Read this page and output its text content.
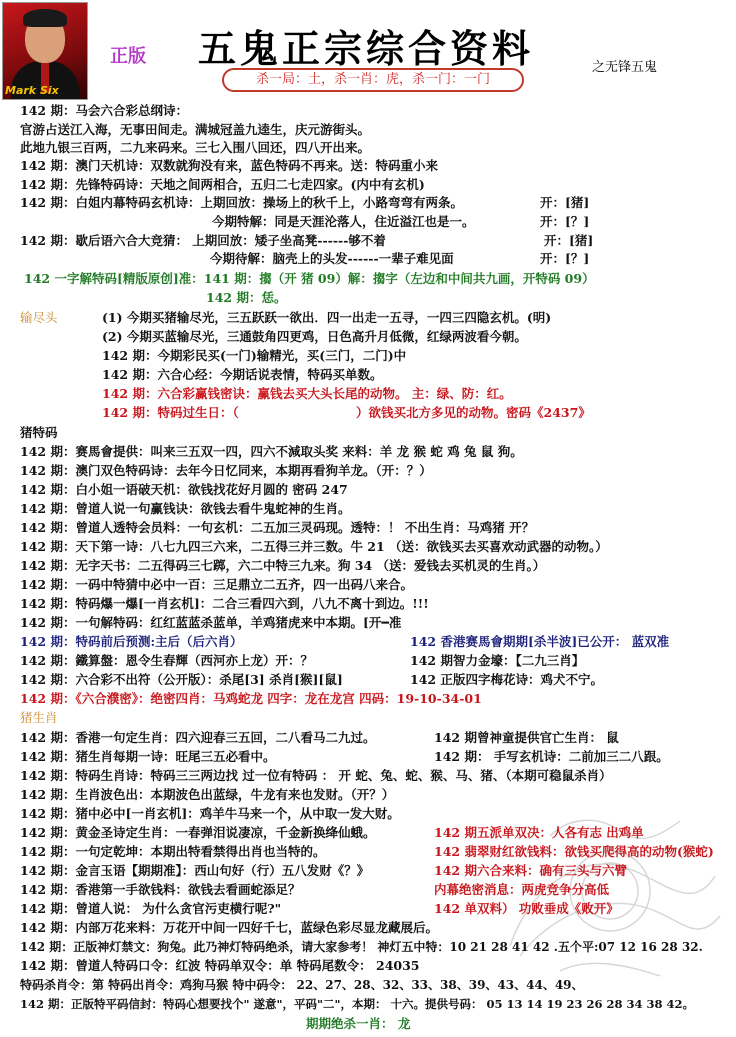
Mark Six
正版 五鬼正宗综合资料
杀一局：土，杀一肖：虎，杀一门：一门
之无锋五鬼
142 期：马会六合彩总纲诗：
官游占送江入海，无事田间走。满城冠盖九逵生，庆元游街头。
此地九银三百两，二九来码来。三七入围八回还，四八开出来。
142 期：澳门天机诗：双数就狗没有来，蓝色特码不再来。送：特码重小来
142 期：先锋特码诗：天地之间两相合，五归二七走四家。(内中有玄机)
142 期：白姐内幕特码玄机诗：上期回放：操场上的秋千上，小路弯弯有两条。	开：[猪]
今期特解：同是天涯沦落人，住近溢江也是一。	开：[？]
142 期：歇后语六合大竞猜： 上期回放：矮子坐高凳------够不着	开：[猪]
今期待解：脑壳上的头发------一辈子难见面	开：[？]
142 一字解特码[精版原创]准：141 期：搊（开 猪 09）解：搊字（左边和中间共九画，开特码 09）
142 期：恁。
输尽头	(1) 今期买猪输尽光，三五跃跃一欲出．四一出走一五寻，一四三四隐玄机。(明)
(2) 今期买蓝输尽光，三通鼓角四更鸡，日色高升月低微，红绿两波看今朝。
142 期：今期彩民买(一门)输精光，买(三门，二门)中
142 期：六合心经：今期话说表情，特码买单数。
142 期：六合彩赢钱密诀：赢钱去买大头长尾的动物。 主：绿、防：红。
142 期：特码过生日：（	）欲钱买北方多见的动物。密码《2437》
猪特码
142 期：赛馬會提供：叫来三五双一四，四六不減取头奖 来料：羊 龙 猴 蛇 鸡 兔 鼠 狗。
142 期：澳门双色特码诗：去年今日忆同来，本期再看狗羊龙。（开：？）
142 期：白小姐一语破天机：欲钱找花好月圆的 密码 247
142 期：曾道人说一句赢钱诀：欲钱去看牛鬼蛇神的生肖。
142 期：曾道人透特会员料：一句玄机：二五加三灵码现。透特：！ 不出生肖：马鸡猪 开？
142 期：天下第一诗：八七九四三六来，二五得三并三数。牛 21 （送：欲钱买去买喜欢动武器的动物。）
142 期：无字天书：二五得码三七踯，六二中特三九来。狗 34 （送：爱钱去买机灵的生肖。）
142 期：一码中特猜中必中一百：三足鼎立二五齐，四一出码八来合。
142 期：特码爆一爆[一肖玄机]：二合三看四六到，八九不离十到边。!!!
142 期：一句解特码：红红蓝蓝杀蓝单，羊鸡猪虎来中本期。[开━准
142 期：特码前后预测:主后（后六肖）	142 香港赛馬會期期[杀半波]已公开： 蓝双准
142 期：鐵算盤：恩令生春輝（西河亦上龙）开：？	142 期智力金壕：【二九三肖】
142 期：六合彩不出符（公开版）：杀尾[3] 杀肖[猴][鼠]	142 正版四字梅花诗：鸡犬不宁。
142 期：《六合濮密》：绝密四肖：马鸡蛇龙 四字：龙在龙宫 四码：19-10-34-01
猪生肖
142 期：香港一句定生肖：四六迎春三五回，二八看马二九过。	142 期曾神童提供官亡生肖： 鼠
142 期：猪生肖每期一诗：旺尾三五必看中。	142 期： 手写玄机诗：二前加三二八跟。
142 期：特码生肖诗：特码三三两边找 过一位有特码 ： 开 蛇、兔、蛇、猴、马、猪、（本期可稳鼠杀肖）
142 期：生肖波色出：本期波色出蓝绿，牛龙有来也发财。（开？）
142 期：猪中必中[一肖玄机]：鸡羊牛马来一个，从中取一发大财。
142 期：黄金圣诗定生肖：一春弹泪说凄凉，千金新换绛仙蛾。	142 期五派单双决：人各有志 出鸡单
142 期：一句定乾坤：本期出特看禁得出肖也当特的。	142 翡翠财红欲钱料：欲钱买爬得高的动物(猴蛇)
142 期：金言玉语【期期准】：西山句好（行）五八发财《？》	142 期六合来料：确有三头与六臂
142 期：香港第一手欲钱料：欲钱去看画蛇添足？	内幕绝密消息：两虎竞争分高低
142 期：曾道人说： 为什么贪官污吏横行呢?"	142 单双料） 功败垂成《败开》
142 期：内部万花来料：万花开中间一四好千七，蓝绿色彩尽显龙藏展后。
142 期：正版神灯禁文：狗兔。此乃神灯特码绝杀，请大家参考！ 神灯五中特：10 21 28 41 42 .五个平:07 12 16 28 32.
142 期：曾道人特码口令：红波 特码单双令：单 特码尾数令： 24035
特码杀肖令：第 特码出肖令：鸡狗马猴 特中码令： 22、27、28、32、33、38、39、43、44、49、
142 期：正版特平码信封：特码心想要找个" 遂意"，平码"二"，本期： 十六。提供号码： 05 13 14 19 23 26 28 34 38 42。
期期绝杀一肖： 龙
